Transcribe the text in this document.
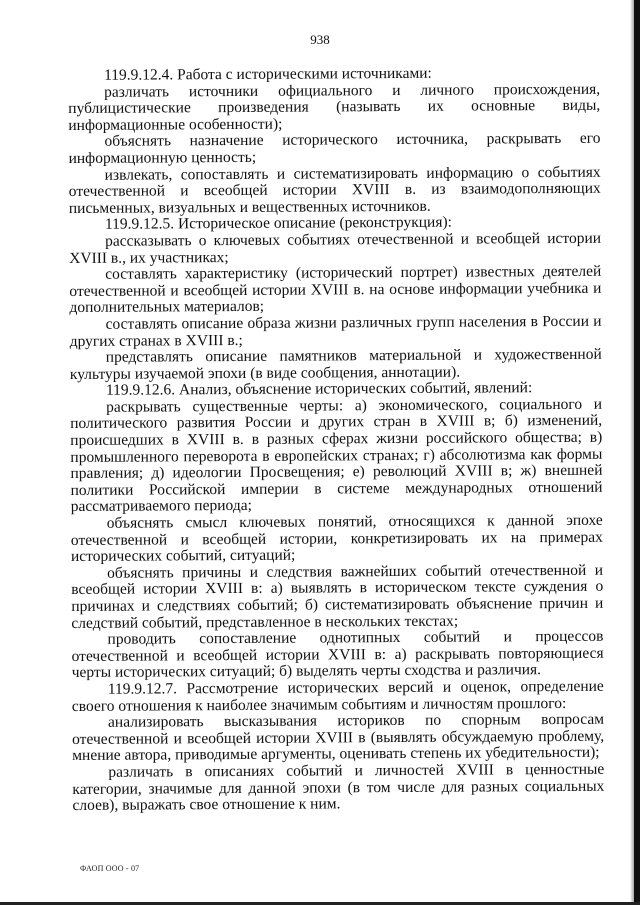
938

119.9.12.4. Работа с историческими источниками:

различать источники официального и личного происхождения, публицистические произведения (называть их основные виды, информационные особенности);

объяснять назначение исторического источника, раскрывать его информационную ценность;

извлекать, сопоставлять и систематизировать информацию о событиях отечественной и всеобщей истории XVIII в. из взаимодополняющих письменных, визуальных и вещественных источников.

119.9.12.5. Историческое описание (реконструкция):

рассказывать о ключевых событиях отечественной и всеобщей истории XVIII в., их участниках;

составлять характеристику (исторический портрет) известных деятелей отечественной и всеобщей истории XVIII в. на основе информации учебника и дополнительных материалов;

составлять описание образа жизни различных групп населения в России и других странах в XVIII в.;

представлять описание памятников материальной и художественной культуры изучаемой эпохи (в виде сообщения, аннотации).

119.9.12.6. Анализ, объяснение исторических событий, явлений:

раскрывать существенные черты: а) экономического, социального и политического развития России и других стран в XVIII в; б) изменений, происшедших в XVIII в. в разных сферах жизни российского общества; в) промышленного переворота в европейских странах; г) абсолютизма как формы правления; д) идеологии Просвещения; е) революций XVIII в; ж) внешней политики Российской империи в системе международных отношений рассматриваемого периода;

объяснять смысл ключевых понятий, относящихся к данной эпохе отечественной и всеобщей истории, конкретизировать их на примерах исторических событий, ситуаций;

объяснять причины и следствия важнейших событий отечественной и всеобщей истории XVIII в: а) выявлять в историческом тексте суждения о причинах и следствиях событий; б) систематизировать объяснение причин и следствий событий, представленное в нескольких текстах;

проводить сопоставление однотипных событий и процессов отечественной и всеобщей истории XVIII в: а) раскрывать повторяющиеся черты исторических ситуаций; б) выделять черты сходства и различия.

119.9.12.7. Рассмотрение исторических версий и оценок, определение своего отношения к наиболее значимым событиям и личностям прошлого:

анализировать высказывания историков по спорным вопросам отечественной и всеобщей истории XVIII в (выявлять обсуждаемую проблему, мнение автора, приводимые аргументы, оценивать степень их убедительности);

различать в описаниях событий и личностей XVIII в ценностные категории, значимые для данной эпохи (в том числе для разных социальных слоев), выражать свое отношение к ним.

ФАОП ООО - 07
